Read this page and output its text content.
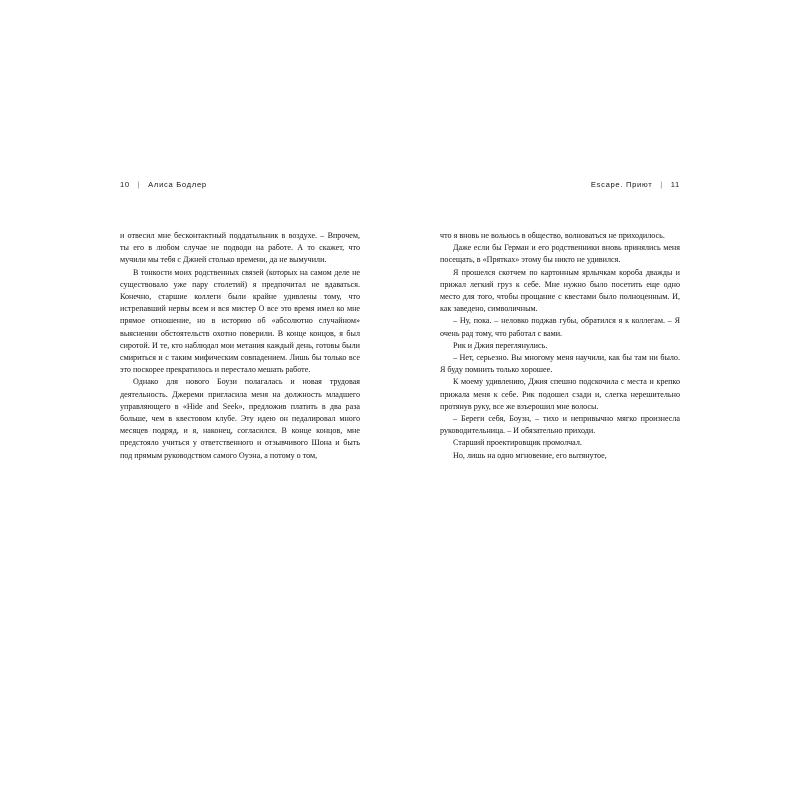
10 | Алиса Бодлер	Escape. Приют | 11

и отвесил мне бесконтактный поддатыльник в воздухе. – Впрочем, ты его в любом случае не подводи на работе. А то скажет, что мучили мы тебя с Джней столько времени, да не вымучили.

В тонкости моих родственных связей (которых на самом деле не существовало уже пару столетий) я предпочитал не вдаваться. Конечно, старшие коллеги были крайне удивлены тому, что истрепавший нервы всем и вся мистер О все это время имел ко мне прямое отношение, но в историю об «абсолютно случайном» выяснении обстоятельств охотно поверили. В конце концов, я был сиротой. И те, кто наблюдал мои метания каждый день, готовы были смириться и с таким мифическим совпадением. Лишь бы только все это поскорее прекратилось и перестало мешать работе.

Однако для нового Боузи полагалась и новая трудовая деятельность. Джереми пригласила меня на должность младшего управляющего в «Hide and Seek», предложив платить в два раза больше, чем в квестовом клубе. Эту идею он педалировал много месяцев подряд, и я, наконец, согласился. В конце концов, мне предстояло учиться у ответственного и отзывчивого Шона и быть под прямым руководством самого Оуэна, а потому о том,

что я вновь не вольюсь в общество, волноваться не приходилось.

Даже если бы Герман и его родственники вновь принялись меня посещать, в «Прятках» этому бы никто не удивился.

Я прошелся скотчем по картонным ярлычкам короба дважды и прижал легкий груз к себе. Мне нужно было посетить еще одно место для того, чтобы прощание с квестами было полноценным. И, как заведено, символичным.

– Ну, пока. – неловко поджав губы, обратился я к коллегам. – Я очень рад тому, что работал с вами.

Рик и Джия переглянулись.

– Нет, серьезно. Вы многому меня научили, как бы там ни было. Я буду помнить только хорошее.

К моему удивлению, Джия спешно подскочила с места и крепко прижала меня к себе. Рик подошел сзади и, слегка нерешительно протянув руку, все же взъерошил мне волосы.

– Береги себя, Боузн, – тихо и непривычно мягко произнесла руководительница. – И обязательно приходи.

Старший проектировщик промолчал.

Но, лишь на одно мгновение, его вытянутое,
